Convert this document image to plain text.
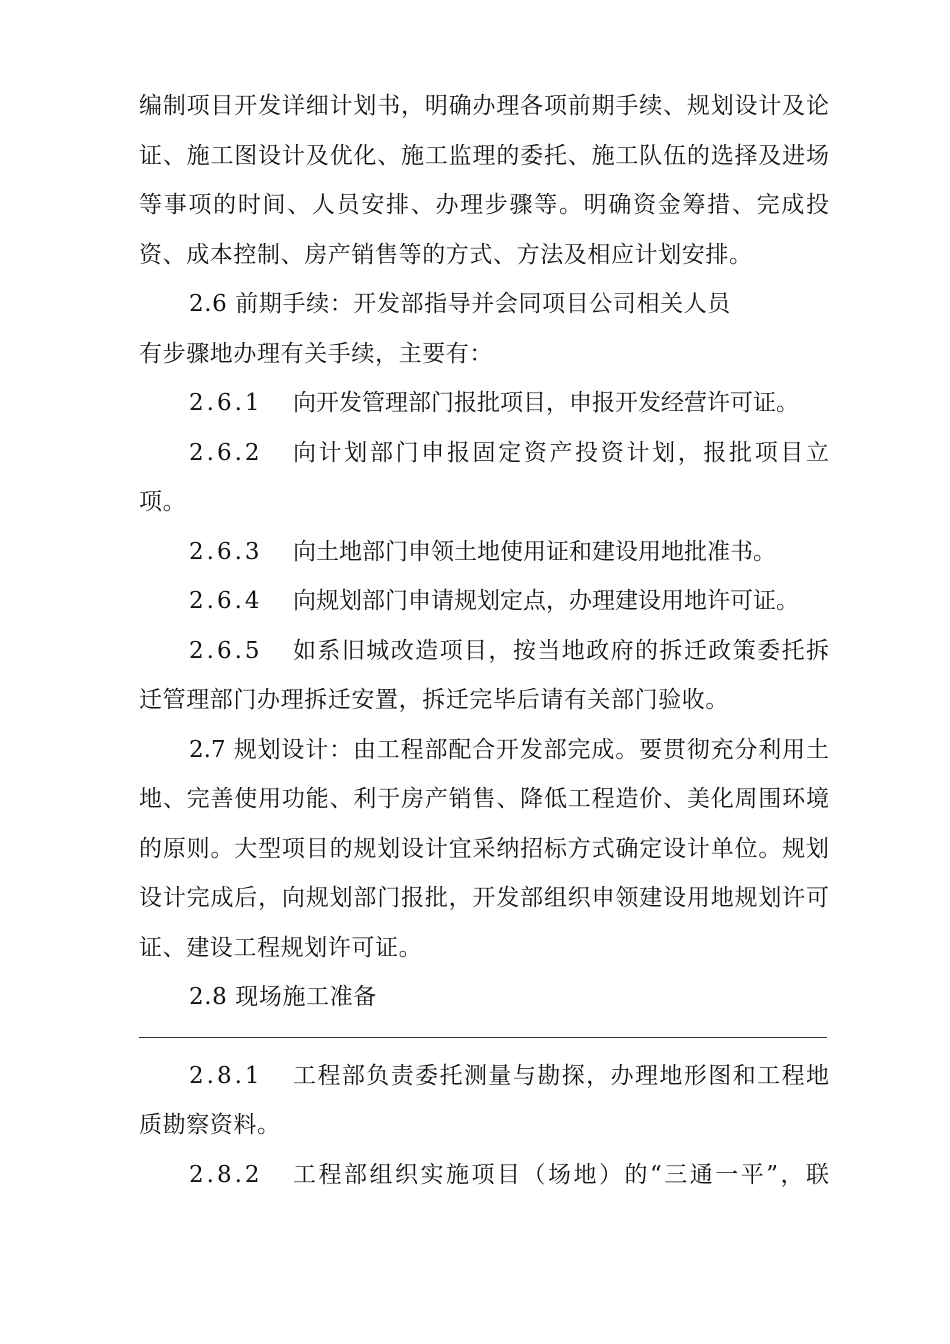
编制项目开发详细计划书，明确办理各项前期手续、规划设计及论
证、施工图设计及优化、施工监理的委托、施工队伍的选择及进场
等事项的时间、人员安排、办理步骤等。明确资金筹措、完成投
资、成本控制、房产销售等的方式、方法及相应计划安排。
2.6 前期手续：开发部指导并会同项目公司相关人员
有步骤地办理有关手续，主要有：
2.6.1	向开发管理部门报批项目，申报开发经营许可证。
2.6.2	向计划部门申报固定资产投资计划，报批项目立
项。
2.6.3	向土地部门申领土地使用证和建设用地批准书。
2.6.4	向规划部门申请规划定点，办理建设用地许可证。
2.6.5	如系旧城改造项目，按当地政府的拆迁政策委托拆
迁管理部门办理拆迁安置，拆迁完毕后请有关部门验收。
2.7 规划设计：由工程部配合开发部完成。要贯彻充分利用土
地、完善使用功能、利于房产销售、降低工程造价、美化周围环境
的原则。大型项目的规划设计宜采纳招标方式确定设计单位。规划
设计完成后，向规划部门报批，开发部组织申领建设用地规划许可
证、建设工程规划许可证。
2.8 现场施工准备
2.8.1	工程部负责委托测量与勘探，办理地形图和工程地
质勘察资料。
2.8.2	工程部组织实施项目（场地）的“三通一平”，联
